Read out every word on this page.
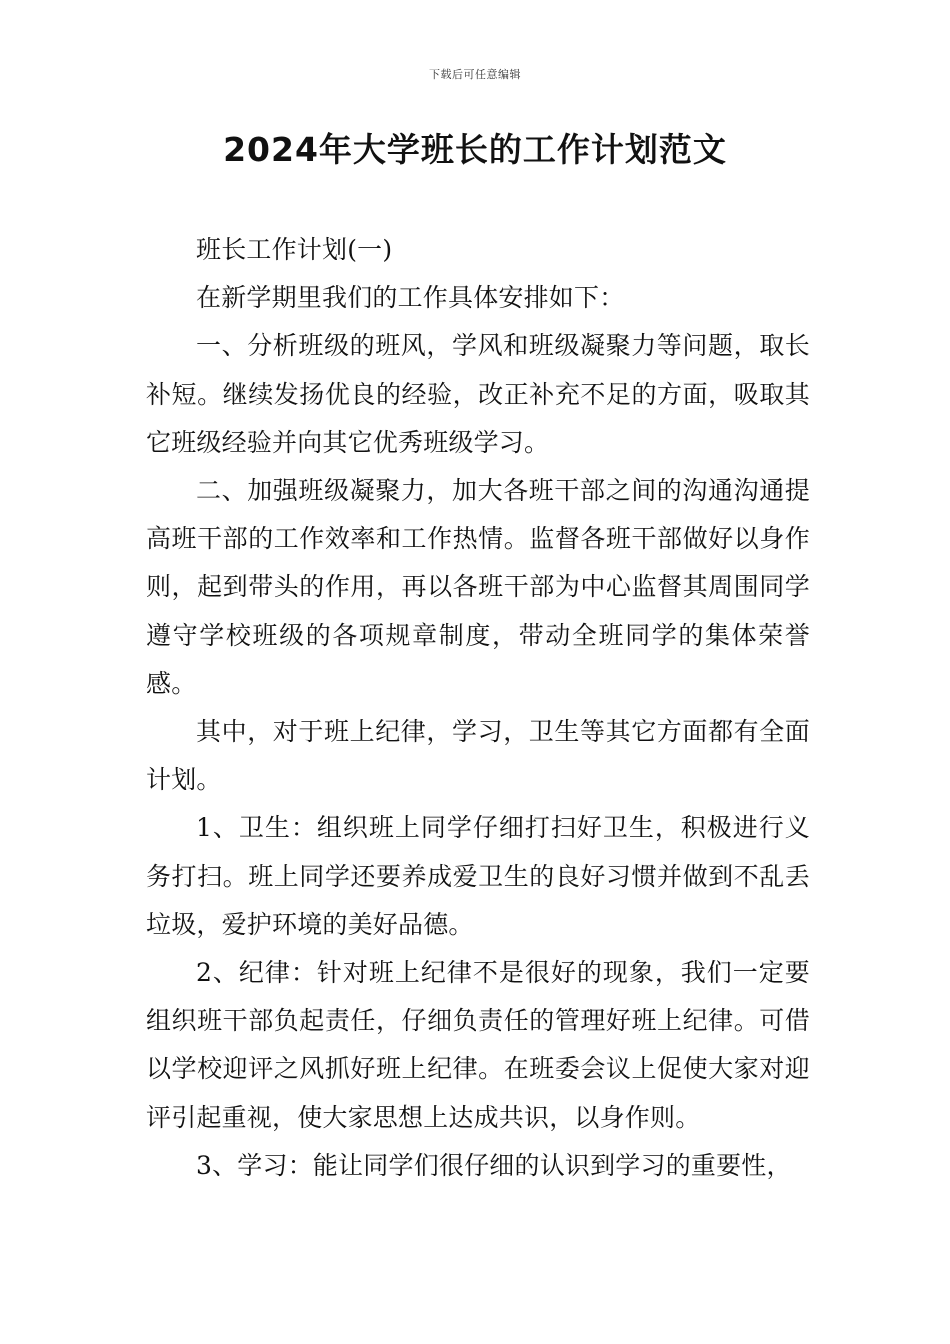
下载后可任意编辑
2024年大学班长的工作计划范文

班长工作计划(一)

在新学期里我们的工作具体安排如下：

一、分析班级的班风，学风和班级凝聚力等问题，取长补短。继续发扬优良的经验，改正补充不足的方面，吸取其它班级经验并向其它优秀班级学习。

二、加强班级凝聚力，加大各班干部之间的沟通沟通提高班干部的工作效率和工作热情。监督各班干部做好以身作则，起到带头的作用，再以各班干部为中心监督其周围同学遵守学校班级的各项规章制度，带动全班同学的集体荣誉感。

其中，对于班上纪律，学习，卫生等其它方面都有全面计划。

1、卫生：组织班上同学仔细打扫好卫生，积极进行义务打扫。班上同学还要养成爱卫生的良好习惯并做到不乱丢垃圾，爱护环境的美好品德。

2、纪律：针对班上纪律不是很好的现象，我们一定要组织班干部负起责任，仔细负责任的管理好班上纪律。可借以学校迎评之风抓好班上纪律。在班委会议上促使大家对迎评引起重视，使大家思想上达成共识，以身作则。

3、学习：能让同学们很仔细的认识到学习的重要性，
